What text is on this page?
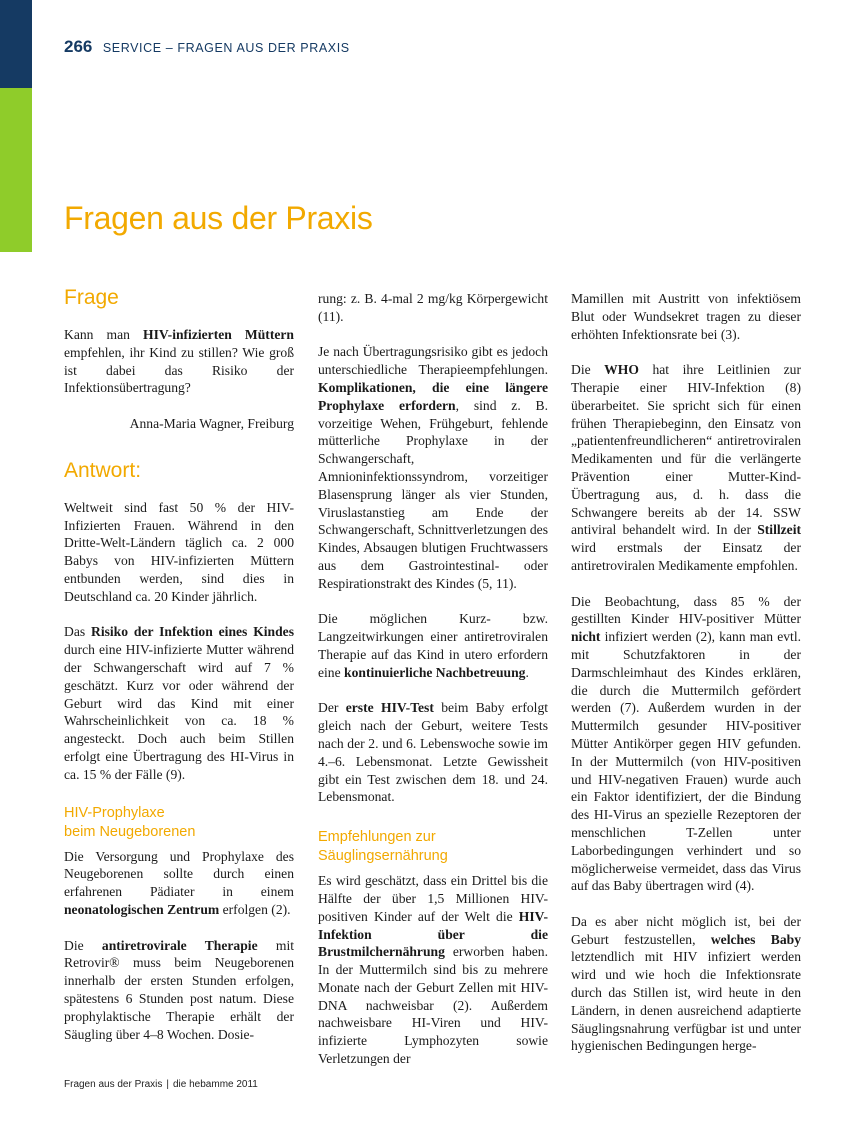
266 SERVICE – FRAGEN AUS DER PRAXIS
Fragen aus der Praxis
Frage

Kann man HIV-infizierten Müttern empfehlen, ihr Kind zu stillen? Wie groß ist dabei das Risiko der Infektionsübertragung?

Anna-Maria Wagner, Freiburg

Antwort:

Weltweit sind fast 50 % der HIV-Infizierten Frauen. Während in den Dritte-Welt-Ländern täglich ca. 2 000 Babys von HIV-infizierten Müttern entbunden werden, sind dies in Deutschland ca. 20 Kinder jährlich.

Das Risiko der Infektion eines Kindes durch eine HIV-infizierte Mutter während der Schwangerschaft wird auf 7 % geschätzt. Kurz vor oder während der Geburt wird das Kind mit einer Wahrscheinlichkeit von ca. 18 % angesteckt. Doch auch beim Stillen erfolgt eine Übertragung des HI-Virus in ca. 15 % der Fälle (9).

HIV-Prophylaxe
beim Neugeborenen

Die Versorgung und Prophylaxe des Neugeborenen sollte durch einen erfahrenen Pädiater in einem neonatologischen Zentrum erfolgen (2).

Die antiretrovirale Therapie mit Retrovir® muss beim Neugeborenen innerhalb der ersten Stunden erfolgen, spätestens 6 Stunden post natum. Diese prophylaktische Therapie erhält der Säugling über 4–8 Wochen. Dosie-

rung: z. B. 4-mal 2 mg/kg Körpergewicht (11).

Je nach Übertragungsrisiko gibt es jedoch unterschiedliche Therapieempfehlungen. Komplikationen, die eine längere Prophylaxe erfordern, sind z. B. vorzeitige Wehen, Frühgeburt, fehlende mütterliche Prophylaxe in der Schwangerschaft, Amnioninfektionssyndrom, vorzeitiger Blasensprung länger als vier Stunden, Viruslastanstieg am Ende der Schwangerschaft, Schnittverletzungen des Kindes, Absaugen blutigen Fruchtwassers aus dem Gastrointestinal- oder Respirationstrakt des Kindes (5, 11).

Die möglichen Kurz- bzw. Langzeitwirkungen einer antiretroviralen Therapie auf das Kind in utero erfordern eine kontinuierliche Nachbetreuung.

Der erste HIV-Test beim Baby erfolgt gleich nach der Geburt, weitere Tests nach der 2. und 6. Lebenswoche sowie im 4.–6. Lebensmonat. Letzte Gewissheit gibt ein Test zwischen dem 18. und 24. Lebensmonat.

Empfehlungen zur
Säuglingsernährung

Es wird geschätzt, dass ein Drittel bis die Hälfte der über 1,5 Millionen HIV-positiven Kinder auf der Welt die HIV-Infektion über die Brustmilchernährung erworben haben. In der Muttermilch sind bis zu mehrere Monate nach der Geburt Zellen mit HIV-DNA nachweisbar (2). Außerdem nachweisbare HI-Viren und HIV-infizierte Lymphozyten sowie Verletzungen der

Mamillen mit Austritt von infektiösem Blut oder Wundsekret tragen zu dieser erhöhten Infektionsrate bei (3).

Die WHO hat ihre Leitlinien zur Therapie einer HIV-Infektion (8) überarbeitet. Sie spricht sich für einen frühen Therapiebeginn, den Einsatz von „patientenfreundlicheren“ antiretroviralen Medikamenten und für die verlängerte Prävention einer Mutter-Kind-Übertragung aus, d. h. dass die Schwangere bereits ab der 14. SSW antiviral behandelt wird. In der Stillzeit wird erstmals der Einsatz der antiretroviralen Medikamente empfohlen.

Die Beobachtung, dass 85 % der gestillten Kinder HIV-positiver Mütter nicht infiziert werden (2), kann man evtl. mit Schutzfaktoren in der Darmschleimhaut des Kindes erklären, die durch die Muttermilch gefördert werden (7). Außerdem wurden in der Muttermilch gesunder HIV-positiver Mütter Antikörper gegen HIV gefunden. In der Muttermilch (von HIV-positiven und HIV-negativen Frauen) wurde auch ein Faktor identifiziert, der die Bindung des HI-Virus an spezielle Rezeptoren der menschlichen T-Zellen unter Laborbedingungen verhindert und so möglicherweise vermeidet, dass das Virus auf das Baby übertragen wird (4).

Da es aber nicht möglich ist, bei der Geburt festzustellen, welches Baby letztendlich mit HIV infiziert werden wird und wie hoch die Infektionsrate durch das Stillen ist, wird heute in den Ländern, in denen ausreichend adaptierte Säuglingsnahrung verfügbar ist und unter hygienischen Bedingungen herge-

Fragen aus der Praxis | die hebamme 2011
